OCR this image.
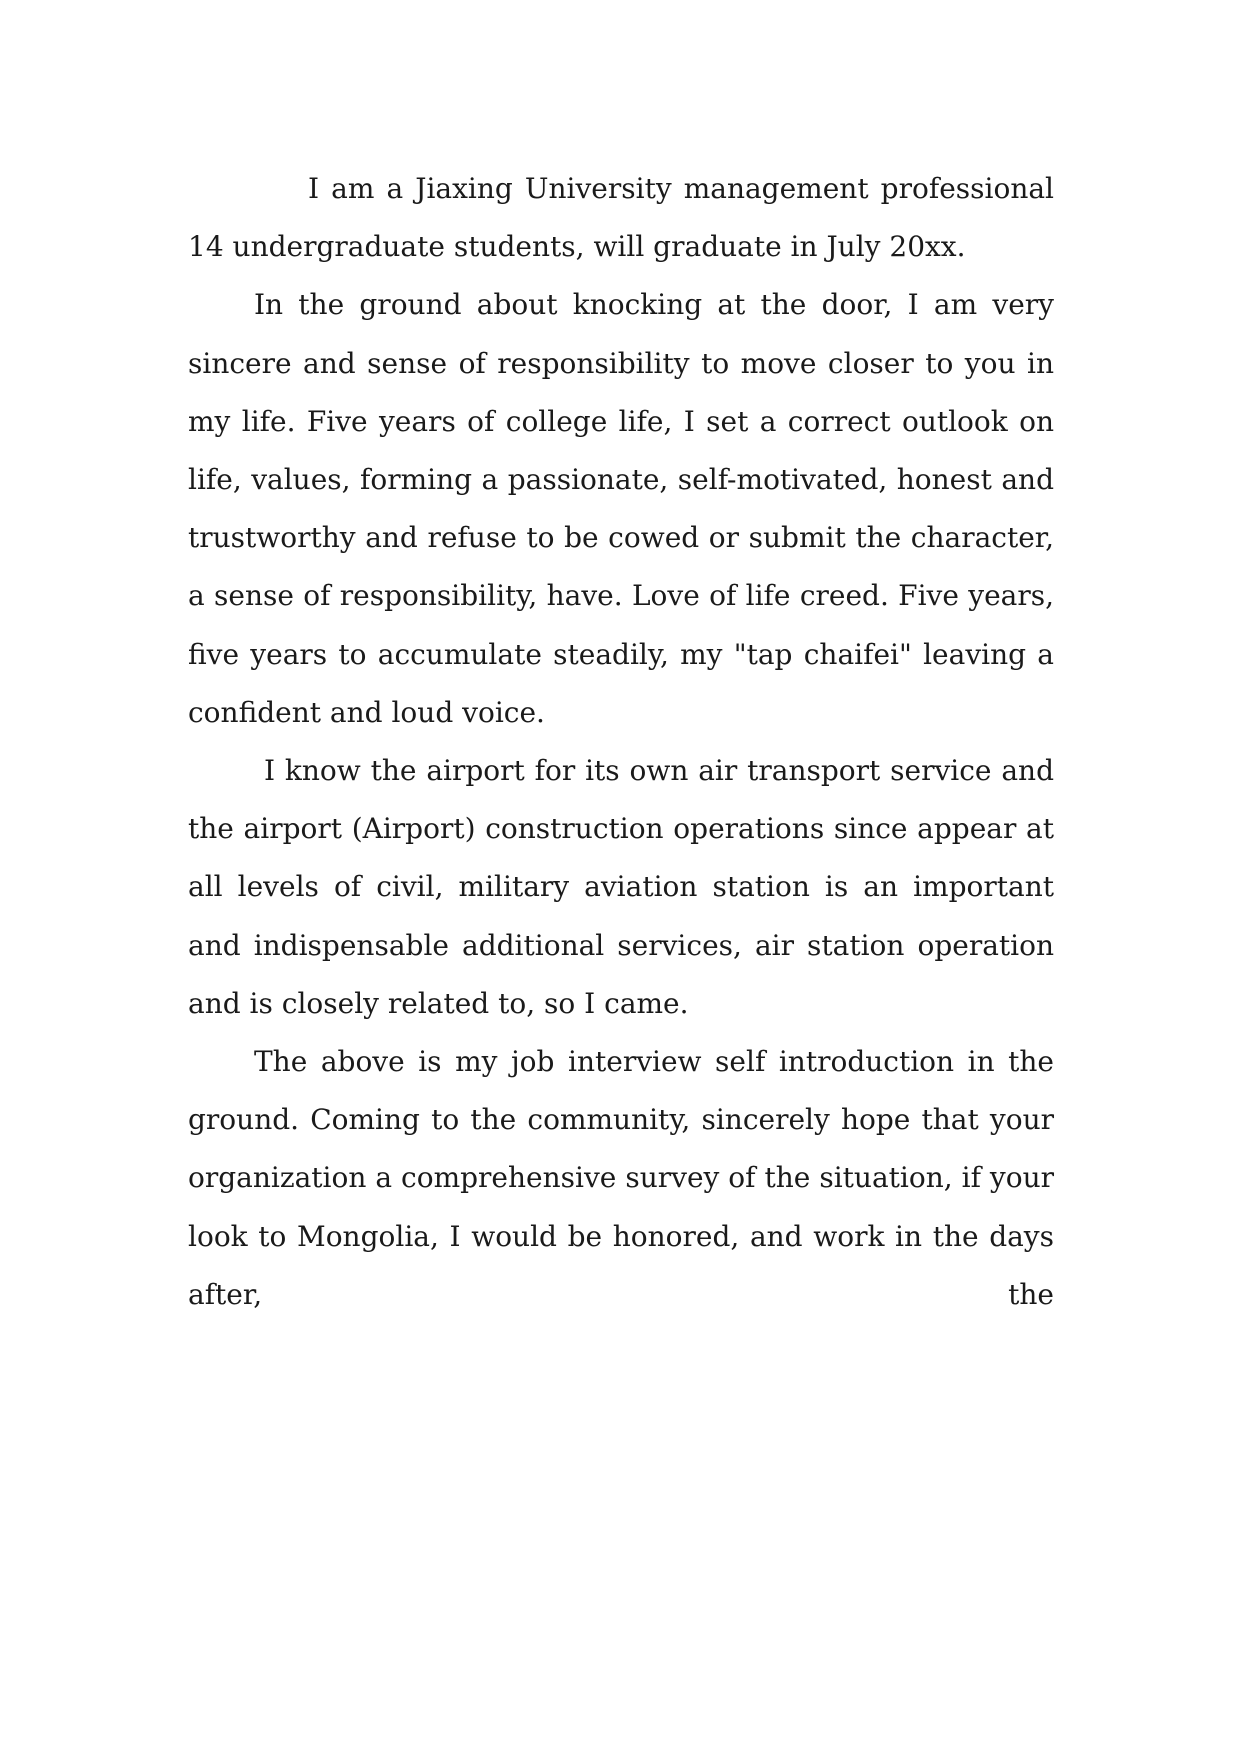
I am a Jiaxing University management professional 14 undergraduate students, will graduate in July 20xx.

In the ground about knocking at the door, I am very sincere and sense of responsibility to move closer to you in my life. Five years of college life, I set a correct outlook on life, values, forming a passionate, self-motivated, honest and trustworthy and refuse to be cowed or submit the character, a sense of responsibility, have. Love of life creed. Five years, five years to accumulate steadily, my "tap chaifei" leaving a confident and loud voice.

I know the airport for its own air transport service and the airport (Airport) construction operations since appear at all levels of civil, military aviation station is an important and indispensable additional services, air station operation and is closely related to, so I came.

The above is my job interview self introduction in the ground. Coming to the community, sincerely hope that your organization a comprehensive survey of the situation, if your look to Mongolia, I would be honored, and work in the days after, the
